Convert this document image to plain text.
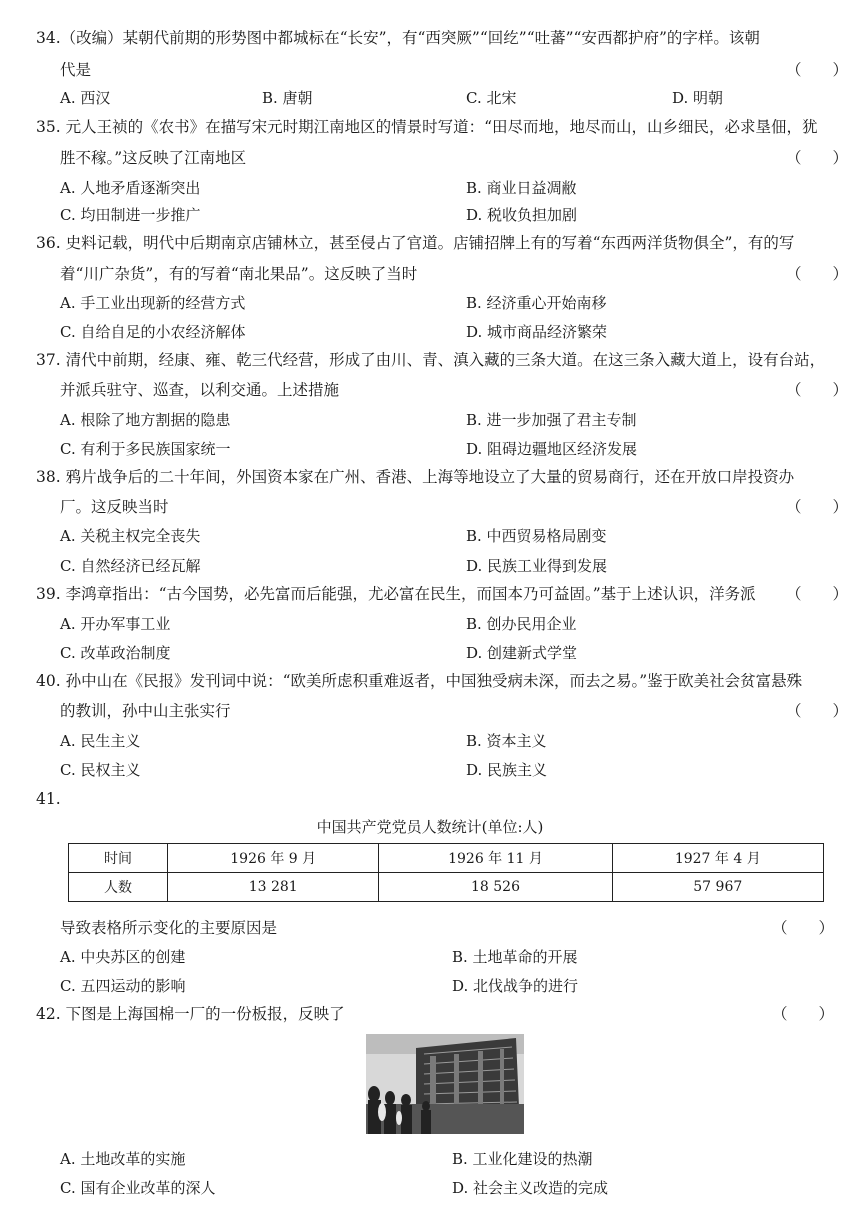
34.（改编）某朝代前期的形势图中都城标在“长安”，有“西突厥”“回纥”“吐蕃”“安西都护府”的字样。该朝
代是	（　　）
A. 西汉	B. 唐朝	C. 北宋	D. 明朝
35. 元人王祯的《农书》在描写宋元时期江南地区的情景时写道：“田尽而地，地尽而山，山乡细民，必求垦佃，犹
胜不稼。”这反映了江南地区	（　　）
A. 人地矛盾逐渐突出	B. 商业日益凋敝
C. 均田制进一步推广	D. 税收负担加剧
36. 史料记载，明代中后期南京店铺林立，甚至侵占了官道。店铺招牌上有的写着“东西两洋货物俱全”，有的写
着“川广杂货”，有的写着“南北果品”。这反映了当时	（　　）
A. 手工业出现新的经营方式	B. 经济重心开始南移
C. 自给自足的小农经济解体	D. 城市商品经济繁荣
37. 清代中前期，经康、雍、乾三代经营，形成了由川、青、滇入藏的三条大道。在这三条入藏大道上，设有台站，
并派兵驻守、巡查，以利交通。上述措施	（　　）
A. 根除了地方割据的隐患	B. 进一步加强了君主专制
C. 有利于多民族国家统一	D. 阻碍边疆地区经济发展
38. 鸦片战争后的二十年间，外国资本家在广州、香港、上海等地设立了大量的贸易商行，还在开放口岸投资办
厂。这反映当时	（　　）
A. 关税主权完全丧失	B. 中西贸易格局剧变
C. 自然经济已经瓦解	D. 民族工业得到发展
39. 李鸿章指出：“古今国势，必先富而后能强，尤必富在民生，而国本乃可益固。”基于上述认识，洋务派 （　　）
A. 开办军事工业	B. 创办民用企业
C. 改革政治制度	D. 创建新式学堂
40. 孙中山在《民报》发刊词中说：“欧美所虑积重难返者，中国独受病未深，而去之易。”鉴于欧美社会贫富悬殊
的教训，孙中山主张实行	（　　）
A. 民生主义	B. 资本主义
C. 民权主义	D. 民族主义
41.
中国共产党党员人数统计(单位:人)
时间	1926 年 9 月	1926 年 11 月	1927 年 4 月
人数	13 281	18 526	57 967
导致表格所示变化的主要原因是	（　　）
A. 中央苏区的创建	B. 土地革命的开展
C. 五四运动的影响	D. 北伐战争的进行
42. 下图是上海国棉一厂的一份板报，反映了	（　　）
A. 土地改革的实施	B. 工业化建设的热潮
C. 国有企业改革的深人	D. 社会主义改造的完成
